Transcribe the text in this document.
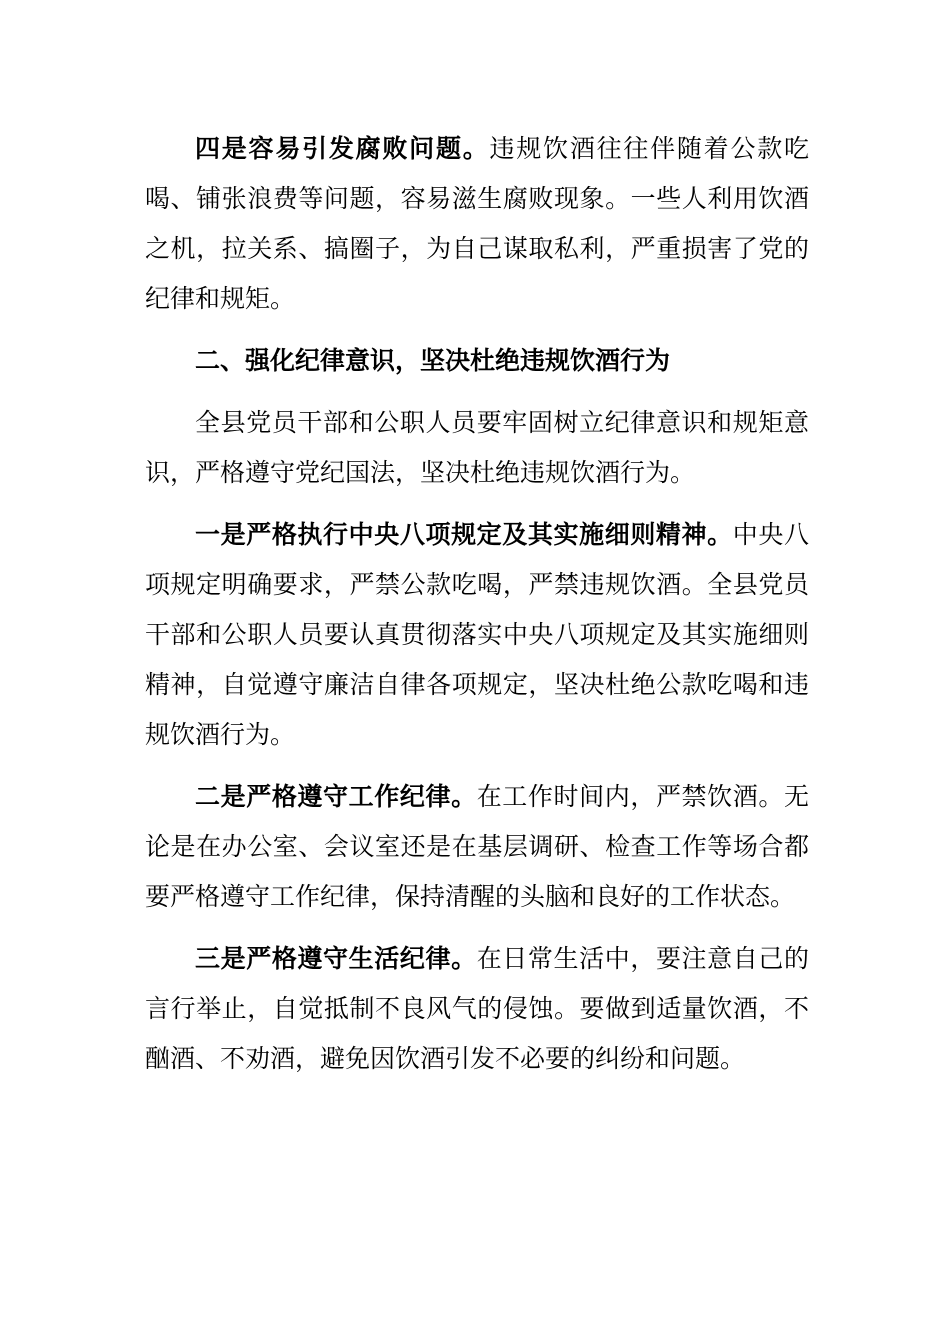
四是容易引发腐败问题。违规饮酒往往伴随着公款吃喝、铺张浪费等问题，容易滋生腐败现象。一些人利用饮酒之机，拉关系、搞圈子，为自己谋取私利，严重损害了党的纪律和规矩。

二、强化纪律意识，坚决杜绝违规饮酒行为

全县党员干部和公职人员要牢固树立纪律意识和规矩意识，严格遵守党纪国法，坚决杜绝违规饮酒行为。

一是严格执行中央八项规定及其实施细则精神。中央八项规定明确要求，严禁公款吃喝，严禁违规饮酒。全县党员干部和公职人员要认真贯彻落实中央八项规定及其实施细则精神，自觉遵守廉洁自律各项规定，坚决杜绝公款吃喝和违规饮酒行为。

二是严格遵守工作纪律。在工作时间内，严禁饮酒。无论是在办公室、会议室还是在基层调研、检查工作等场合都要严格遵守工作纪律，保持清醒的头脑和良好的工作状态。

三是严格遵守生活纪律。在日常生活中，要注意自己的言行举止，自觉抵制不良风气的侵蚀。要做到适量饮酒，不酗酒、不劝酒，避免因饮酒引发不必要的纠纷和问题。
